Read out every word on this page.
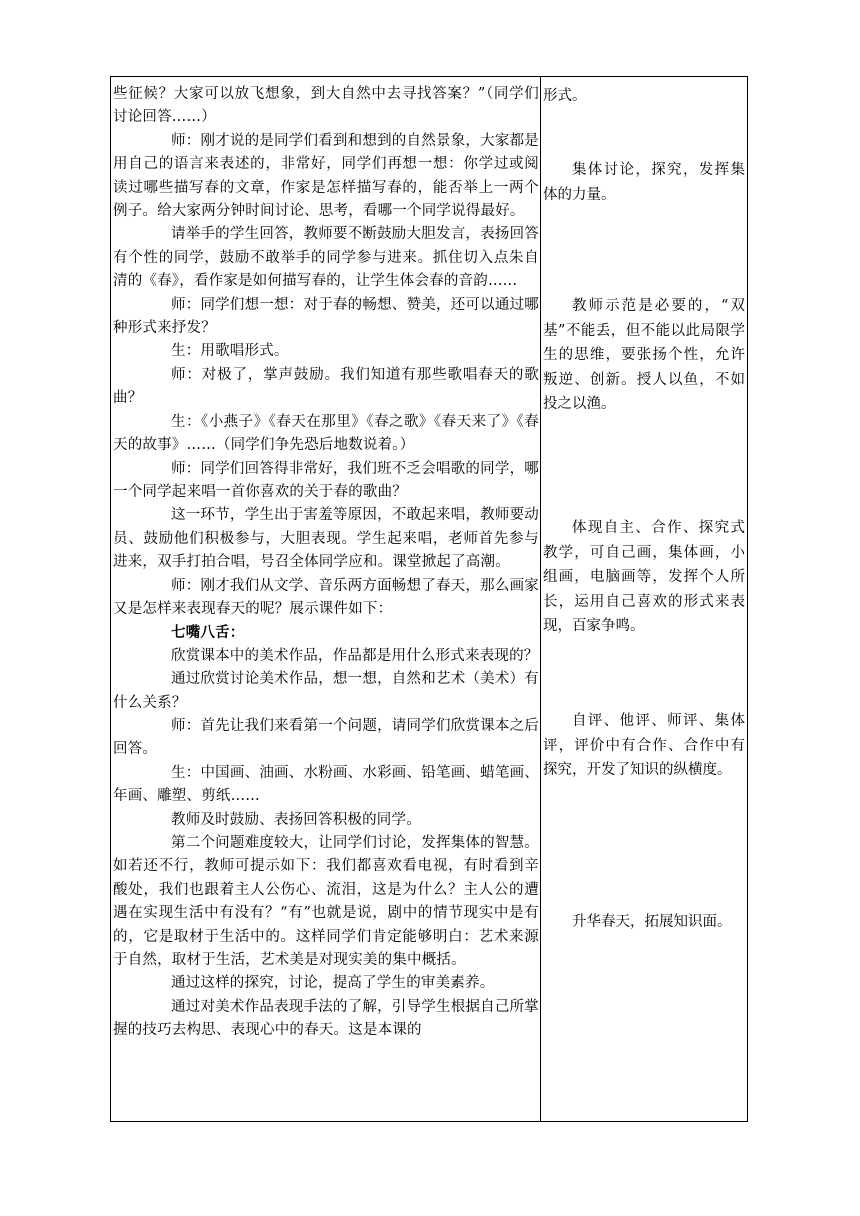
些征候？大家可以放飞想象，到大自然中去寻找答案？”（同学们讨论回答……）

师：刚才说的是同学们看到和想到的自然景象，大家都是用自己的语言来表述的，非常好，同学们再想一想：你学过或阅读过哪些描写春的文章，作家是怎样描写春的，能否举上一两个例子。给大家两分钟时间讨论、思考，看哪一个同学说得最好。

请举手的学生回答，教师要不断鼓励大胆发言，表扬回答有个性的同学，鼓励不敢举手的同学参与进来。抓住切入点朱自清的《春》，看作家是如何描写春的，让学生体会春的音韵……

师：同学们想一想：对于春的畅想、赞美，还可以通过哪种形式来抒发？

生：用歌唱形式。

师：对极了，掌声鼓励。我们知道有那些歌唱春天的歌曲？

生：《小燕子》《春天在那里》《春之歌》《春天来了》《春天的故事》……（同学们争先恐后地数说着。）

师：同学们回答得非常好，我们班不乏会唱歌的同学，哪一个同学起来唱一首你喜欢的关于春的歌曲？

这一环节，学生出于害羞等原因，不敢起来唱，教师要动员、鼓励他们积极参与，大胆表现。学生起来唱，老师首先参与进来，双手打拍合唱，号召全体同学应和。课堂掀起了高潮。

师：刚才我们从文学、音乐两方面畅想了春天，那么画家又是怎样来表现春天的呢？展示课件如下：

七嘴八舌：

欣赏课本中的美术作品，作品都是用什么形式来表现的？

通过欣赏讨论美术作品，想一想，自然和艺术（美术）有什么关系？

师：首先让我们来看第一个问题，请同学们欣赏课本之后回答。

生：中国画、油画、水粉画、水彩画、铅笔画、蜡笔画、年画、雕塑、剪纸……

教师及时鼓励、表扬回答积极的同学。

第二个问题难度较大，让同学们讨论，发挥集体的智慧。如若还不行，教师可提示如下：我们都喜欢看电视，有时看到辛酸处，我们也跟着主人公伤心、流泪，这是为什么？主人公的遭遇在实现生活中有没有？“有”也就是说，剧中的情节现实中是有的，它是取材于生活中的。这样同学们肯定能够明白：艺术来源于自然，取材于生活，艺术美是对现实美的集中概括。

通过这样的探究，讨论，提高了学生的审美素养。

通过对美术作品表现手法的了解，引导学生根据自己所掌握的技巧去构思、表现心中的春天。这是本课的

形式。

集体讨论，探究，发挥集体的力量。

教师示范是必要的，“双基”不能丢，但不能以此局限学生的思维，要张扬个性，允许叛逆、创新。授人以鱼，不如投之以渔。

体现自主、合作、探究式教学，可自己画，集体画，小组画，电脑画等，发挥个人所长，运用自己喜欢的形式来表现，百家争鸣。

自评、他评、师评、集体评，评价中有合作、合作中有探究，开发了知识的纵横度。

升华春天，拓展知识面。
